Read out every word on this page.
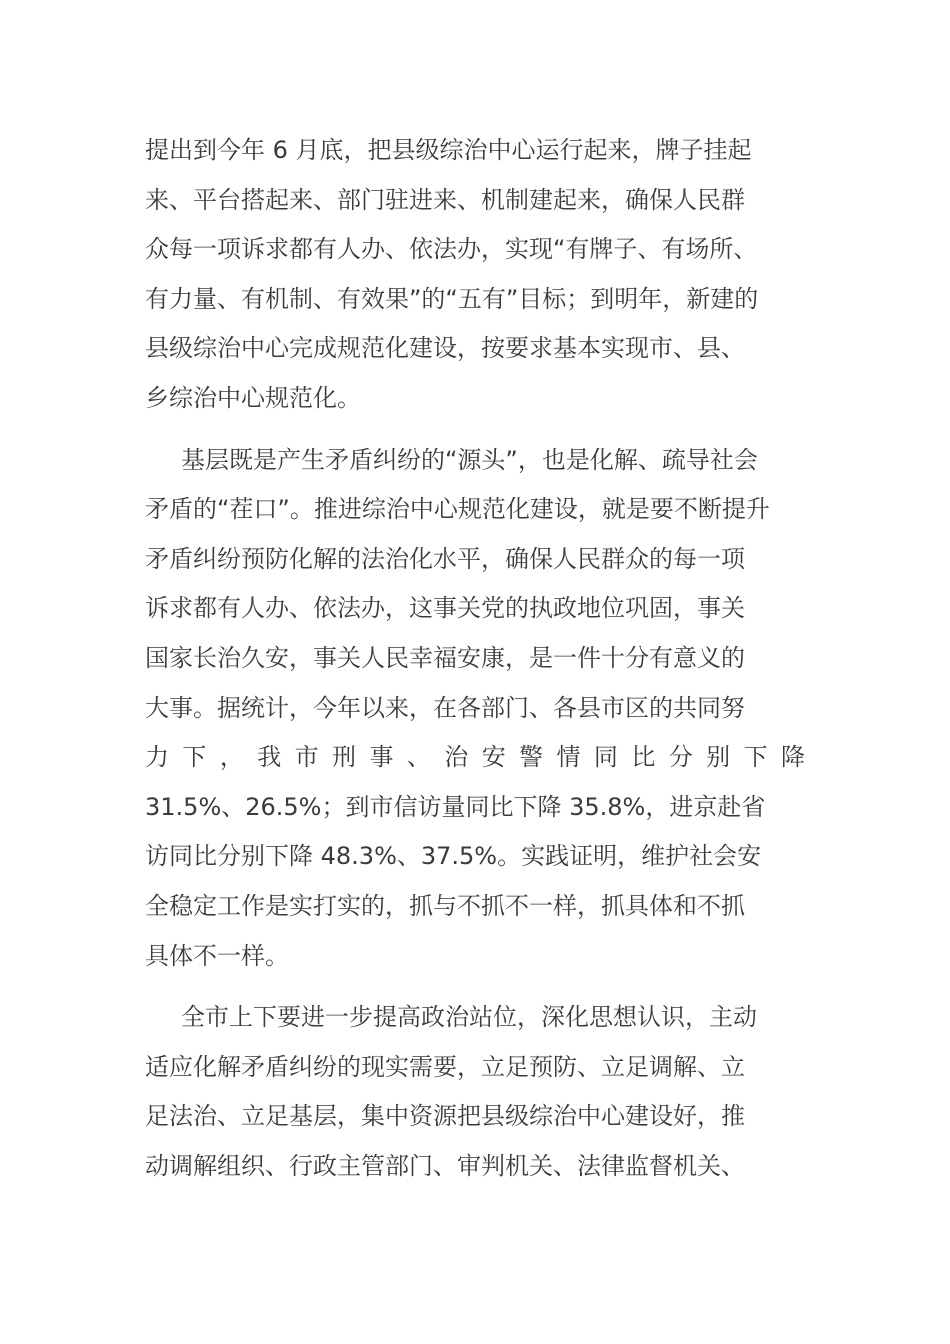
提出到今年 6 月底，把县级综治中心运行起来，牌子挂起
来、平台搭起来、部门驻进来、机制建起来，确保人民群
众每一项诉求都有人办、依法办，实现“有牌子、有场所、
有力量、有机制、有效果”的“五有”目标；到明年，新建的
县级综治中心完成规范化建设，按要求基本实现市、县、
乡综治中心规范化。
基层既是产生矛盾纠纷的“源头”，也是化解、疏导社会
矛盾的“茬口”。推进综治中心规范化建设，就是要不断提升
矛盾纠纷预防化解的法治化水平，确保人民群众的每一项
诉求都有人办、依法办，这事关党的执政地位巩固，事关
国家长治久安，事关人民幸福安康，是一件十分有意义的
大事。据统计，今年以来，在各部门、各县市区的共同努
力 下 ， 我 市 刑 事 、 治 安 警 情 同 比 分 别 下 降
31.5%、26.5%；到市信访量同比下降 35.8%，进京赴省
访同比分别下降 48.3%、37.5%。实践证明，维护社会安
全稳定工作是实打实的，抓与不抓不一样，抓具体和不抓
具体不一样。
全市上下要进一步提高政治站位，深化思想认识，主动
适应化解矛盾纠纷的现实需要，立足预防、立足调解、立
足法治、立足基层，集中资源把县级综治中心建设好，推
动调解组织、行政主管部门、审判机关、法律监督机关、
